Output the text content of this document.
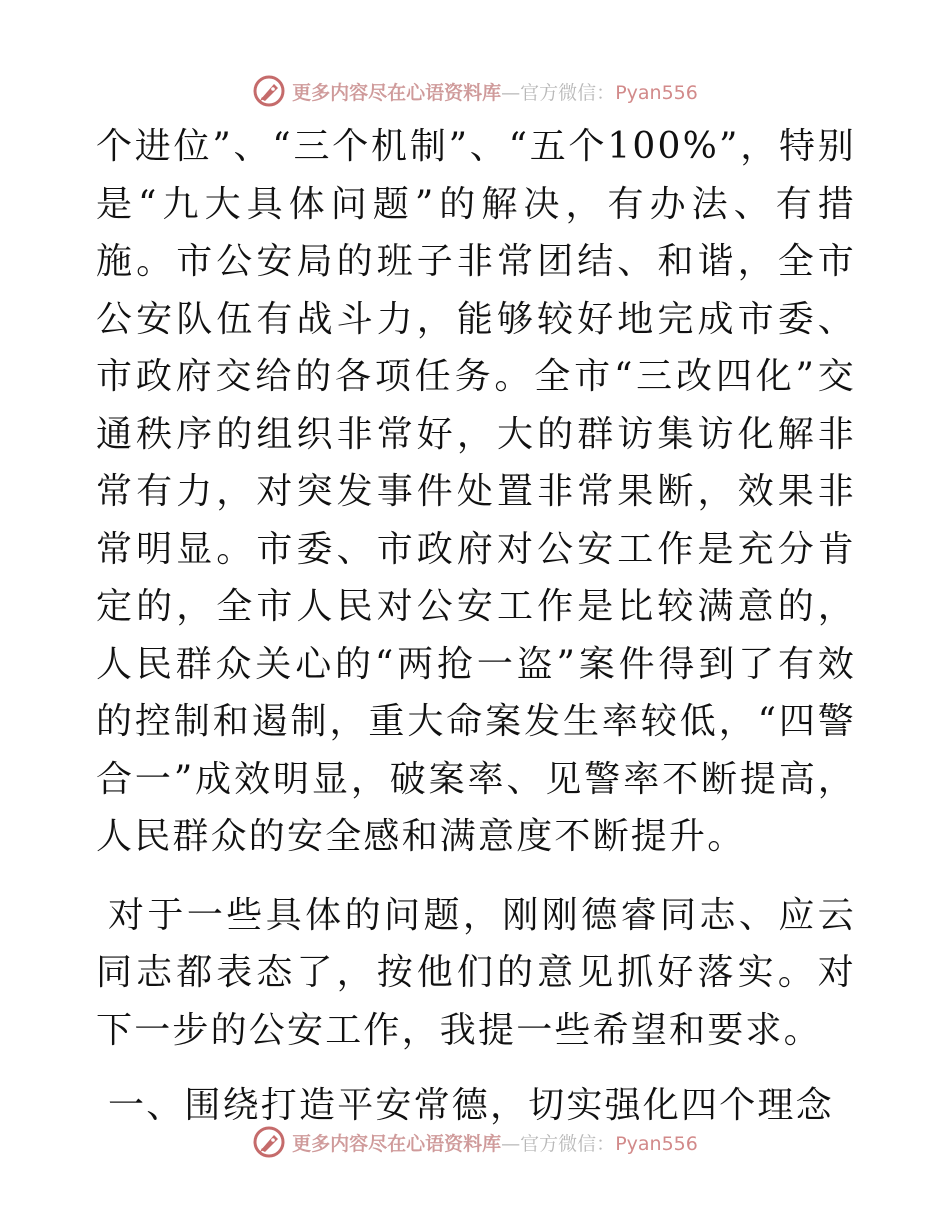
更多内容尽在心语资料库 —官方微信： Pyan556

个进位”、“三个机制”、“五个100%”，特别是“九大具体问题”的解决，有办法、有措施。市公安局的班子非常团结、和谐，全市公安队伍有战斗力，能够较好地完成市委、市政府交给的各项任务。全市“三改四化”交通秩序的组织非常好，大的群访集访化解非常有力，对突发事件处置非常果断，效果非常明显。市委、市政府对公安工作是充分肯定的，全市人民对公安工作是比较满意的，人民群众关心的“两抢一盗”案件得到了有效的控制和遏制，重大命案发生率较低，“四警合一”成效明显，破案率、见警率不断提高，人民群众的安全感和满意度不断提升。

对于一些具体的问题，刚刚德睿同志、应云同志都表态了，按他们的意见抓好落实。对下一步的公安工作，我提一些希望和要求。

一、围绕打造平安常德，切实强化四个理念
更多内容尽在心语资料库 —官方微信： Pyan556
